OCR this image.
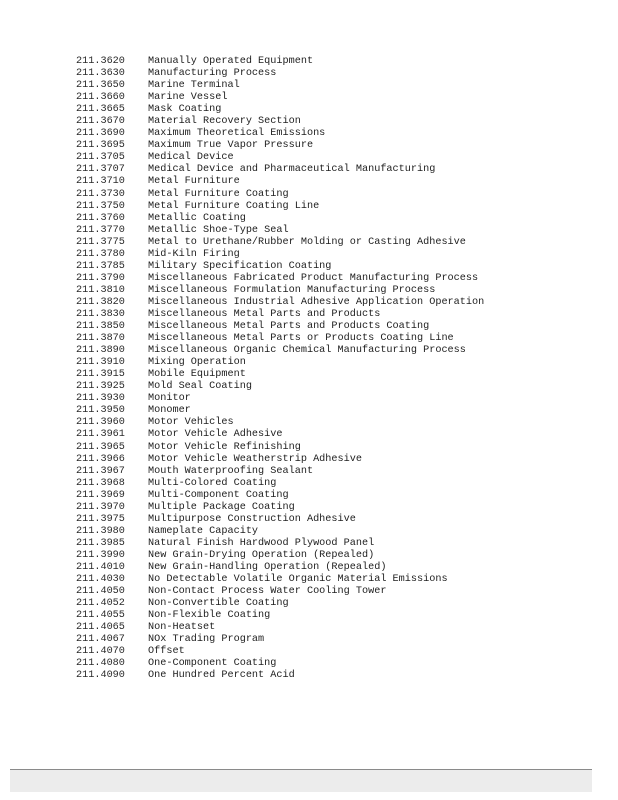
211.3620	Manually Operated Equipment
211.3630	Manufacturing Process
211.3650	Marine Terminal
211.3660	Marine Vessel
211.3665	Mask Coating
211.3670	Material Recovery Section
211.3690	Maximum Theoretical Emissions
211.3695	Maximum True Vapor Pressure
211.3705	Medical Device
211.3707	Medical Device and Pharmaceutical Manufacturing
211.3710	Metal Furniture
211.3730	Metal Furniture Coating
211.3750	Metal Furniture Coating Line
211.3760	Metallic Coating
211.3770	Metallic Shoe-Type Seal
211.3775	Metal to Urethane/Rubber Molding or Casting Adhesive
211.3780	Mid-Kiln Firing
211.3785	Military Specification Coating
211.3790	Miscellaneous Fabricated Product Manufacturing Process
211.3810	Miscellaneous Formulation Manufacturing Process
211.3820	Miscellaneous Industrial Adhesive Application Operation
211.3830	Miscellaneous Metal Parts and Products
211.3850	Miscellaneous Metal Parts and Products Coating
211.3870	Miscellaneous Metal Parts or Products Coating Line
211.3890	Miscellaneous Organic Chemical Manufacturing Process
211.3910	Mixing Operation
211.3915	Mobile Equipment
211.3925	Mold Seal Coating
211.3930	Monitor
211.3950	Monomer
211.3960	Motor Vehicles
211.3961	Motor Vehicle Adhesive
211.3965	Motor Vehicle Refinishing
211.3966	Motor Vehicle Weatherstrip Adhesive
211.3967	Mouth Waterproofing Sealant
211.3968	Multi-Colored Coating
211.3969	Multi-Component Coating
211.3970	Multiple Package Coating
211.3975	Multipurpose Construction Adhesive
211.3980	Nameplate Capacity
211.3985	Natural Finish Hardwood Plywood Panel
211.3990	New Grain-Drying Operation (Repealed)
211.4010	New Grain-Handling Operation (Repealed)
211.4030	No Detectable Volatile Organic Material Emissions
211.4050	Non-Contact Process Water Cooling Tower
211.4052	Non-Convertible Coating
211.4055	Non-Flexible Coating
211.4065	Non-Heatset
211.4067	NOx Trading Program
211.4070	Offset
211.4080	One-Component Coating
211.4090	One Hundred Percent Acid
